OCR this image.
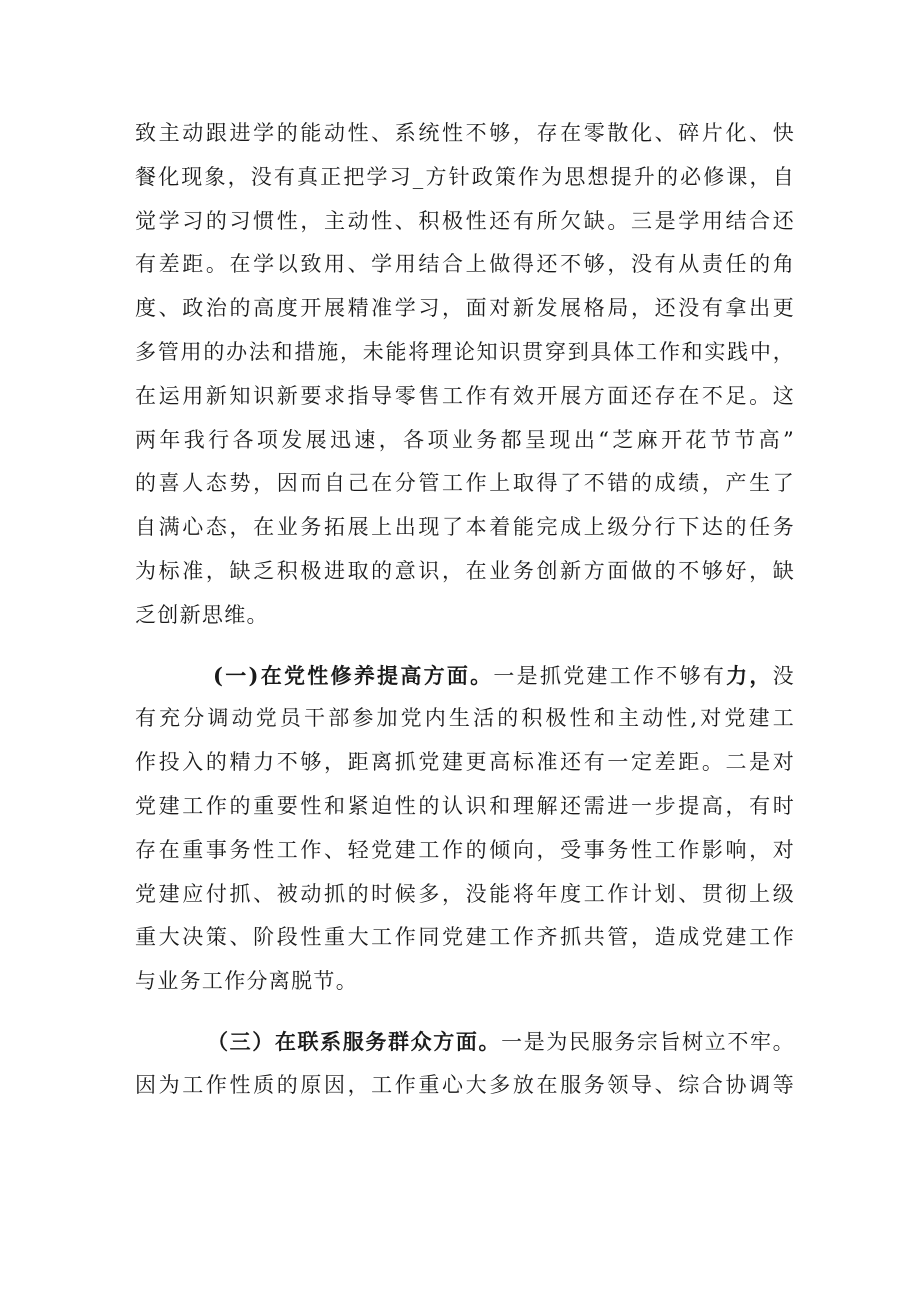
致主动跟进学的能动性、系统性不够，存在零散化、碎片化、快
餐化现象，没有真正把学习_方针政策作为思想提升的必修课，自
觉学习的习惯性，主动性、积极性还有所欠缺。三是学用结合还
有差距。在学以致用、学用结合上做得还不够，没有从责任的角
度、政治的高度开展精准学习，面对新发展格局，还没有拿出更
多管用的办法和措施，未能将理论知识贯穿到具体工作和实践中，
在运用新知识新要求指导零售工作有效开展方面还存在不足。这
两年我行各项发展迅速，各项业务都呈现出“芝麻开花节节高”
的喜人态势，因而自己在分管工作上取得了不错的成绩，产生了
自满心态，在业务拓展上出现了本着能完成上级分行下达的任务
为标准，缺乏积极进取的意识，在业务创新方面做的不够好，缺
乏创新思维。
(一)在党性修养提高方面。一是抓党建工作不够有力，没
有充分调动党员干部参加党内生活的积极性和主动性,对党建工
作投入的精力不够，距离抓党建更高标准还有一定差距。二是对
党建工作的重要性和紧迫性的认识和理解还需进一步提高，有时
存在重事务性工作、轻党建工作的倾向，受事务性工作影响，对
党建应付抓、被动抓的时候多，没能将年度工作计划、贯彻上级
重大决策、阶段性重大工作同党建工作齐抓共管，造成党建工作
与业务工作分离脱节。
（三）在联系服务群众方面。一是为民服务宗旨树立不牢。
因为工作性质的原因，工作重心大多放在服务领导、综合协调等
